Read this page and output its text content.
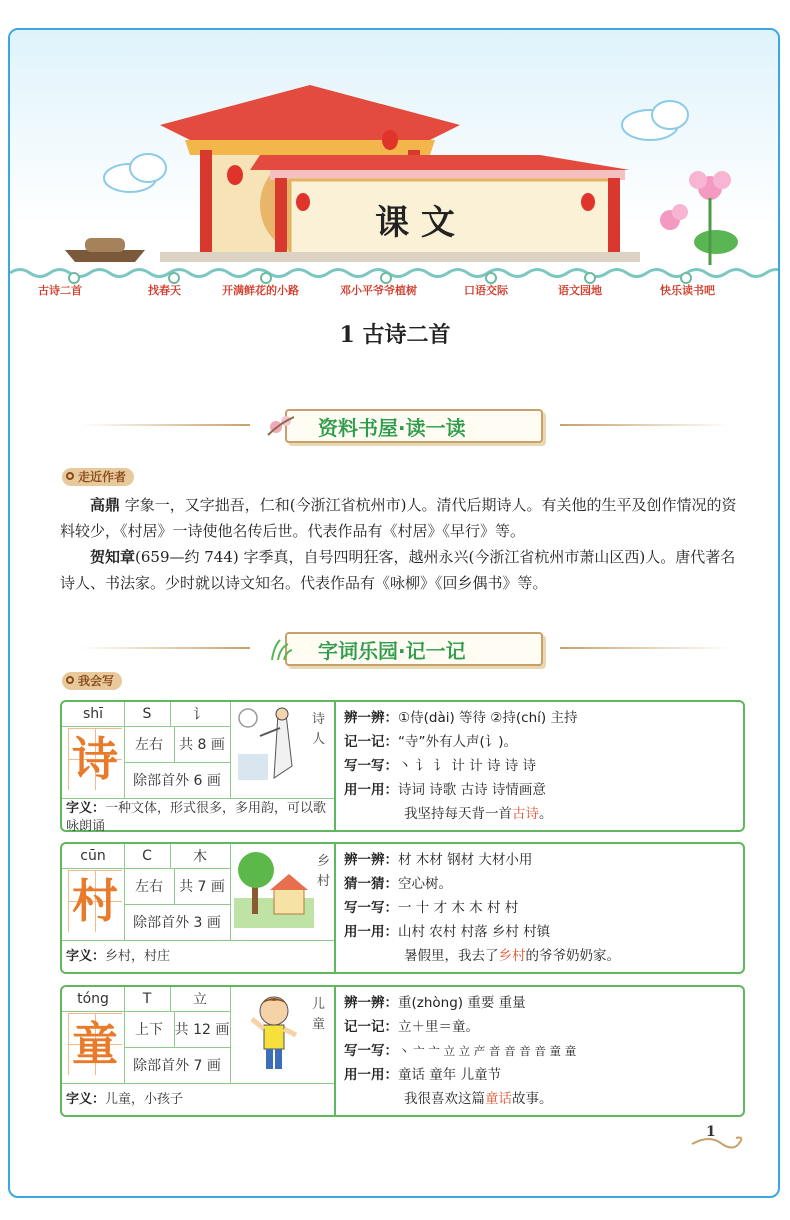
课 文
古诗二首	找春天	开满鲜花的小路	邓小平爷爷植树	口语交际	语文园地	快乐读书吧
1 古诗二首
资料书屋·读一读
走近作者
高鼎 字象一，又字拙吾，仁和(今浙江省杭州市)人。清代后期诗人。有关他的生平及创作情况的资料较少，《村居》一诗使他名传后世。代表作品有《村居》《早行》等。
贺知章(659—约 744) 字季真，自号四明狂客，越州永兴(今浙江省杭州市萧山区西)人。唐代著名诗人、书法家。少时就以诗文知名。代表作品有《咏柳》《回乡偶书》等。
字词乐园·记一记
我会写
shī	S	讠
诗	左右	共 8 画
除部首外 6 画
诗人
字义：一种文体，形式很多，多用韵，可以歌咏朗诵
辨一辨：①侍(dài) 等待 ②持(chí) 主持
记一记：“寺”外有人声(讠)。
写一写：丶 讠 讠 计 计 诗 诗 诗
用一用：诗词 诗歌 古诗 诗情画意
我坚持每天背一首古诗。
cūn	C	木
村	左右	共 7 画
除部首外 3 画
乡村
字义：乡村，村庄
辨一辨：材 木材 钢材 大材小用
猜一猜：空心树。
写一写：一 十 才 木 木 村 村
用一用：山村 农村 村落 乡村 村镇
暑假里，我去了乡村的爷爷奶奶家。
tóng	T	立
童	上下 共 12 画
除部首外 7 画
儿童
字义：儿童，小孩子
辨一辨：重(zhòng) 重要 重量
记一记：立＋里＝童。
写一写：丶 亠 亠 立 立 产 音 音 音 音 童 童
用一用：童话 童年 儿童节
我很喜欢这篇童话故事。
1
